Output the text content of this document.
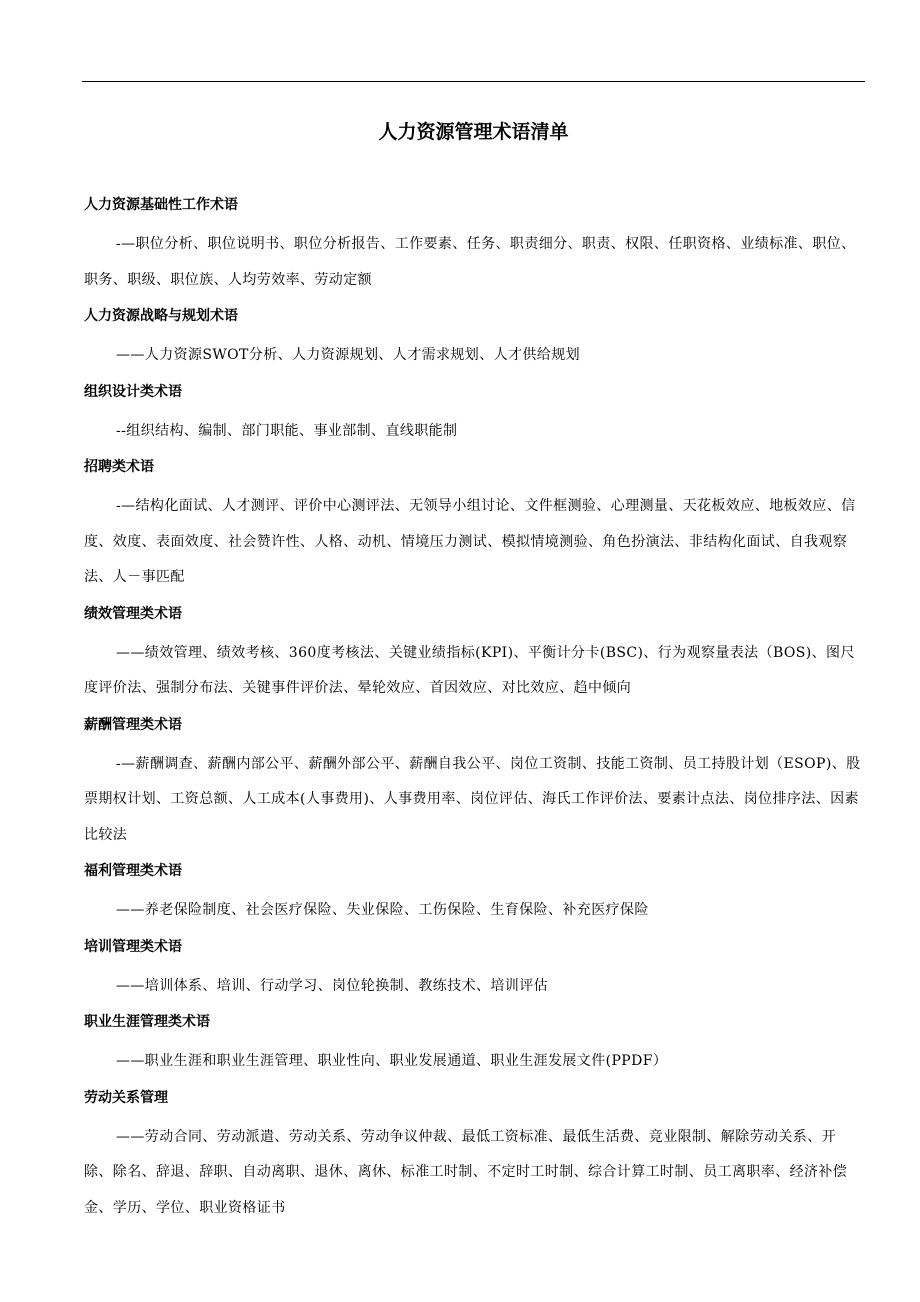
人力资源管理术语清单
人力资源基础性工作术语
-—职位分析、职位说明书、职位分析报告、工作要素、任务、职责细分、职责、权限、任职资格、业绩标准、职位、职务、职级、职位族、人均劳效率、劳动定额
人力资源战略与规划术语
——人力资源SWOT分析、人力资源规划、人才需求规划、人才供给规划
组织设计类术语
--组织结构、编制、部门职能、事业部制、直线职能制
招聘类术语
-—结构化面试、人才测评、评价中心测评法、无领导小组讨论、文件框测验、心理测量、天花板效应、地板效应、信度、效度、表面效度、社会赞许性、人格、动机、情境压力测试、模拟情境测验、角色扮演法、非结构化面试、自我观察法、人－事匹配
绩效管理类术语
——绩效管理、绩效考核、360度考核法、关键业绩指标(KPI)、平衡计分卡(BSC)、行为观察量表法（BOS)、图尺度评价法、强制分布法、关键事件评价法、晕轮效应、首因效应、对比效应、趋中倾向
薪酬管理类术语
-—薪酬调查、薪酬内部公平、薪酬外部公平、薪酬自我公平、岗位工资制、技能工资制、员工持股计划（ESOP)、股票期权计划、工资总额、人工成本(人事费用)、人事费用率、岗位评估、海氏工作评价法、要素计点法、岗位排序法、因素比较法
福利管理类术语
——养老保险制度、社会医疗保险、失业保险、工伤保险、生育保险、补充医疗保险
培训管理类术语
——培训体系、培训、行动学习、岗位轮换制、教练技术、培训评估
职业生涯管理类术语
——职业生涯和职业生涯管理、职业性向、职业发展通道、职业生涯发展文件(PPDF）
劳动关系管理
——劳动合同、劳动派遣、劳动关系、劳动争议仲裁、最低工资标准、最低生活费、竞业限制、解除劳动关系、开除、除名、辞退、辞职、自动离职、退休、离休、标准工时制、不定时工时制、综合计算工时制、员工离职率、经济补偿金、学历、学位、职业资格证书
